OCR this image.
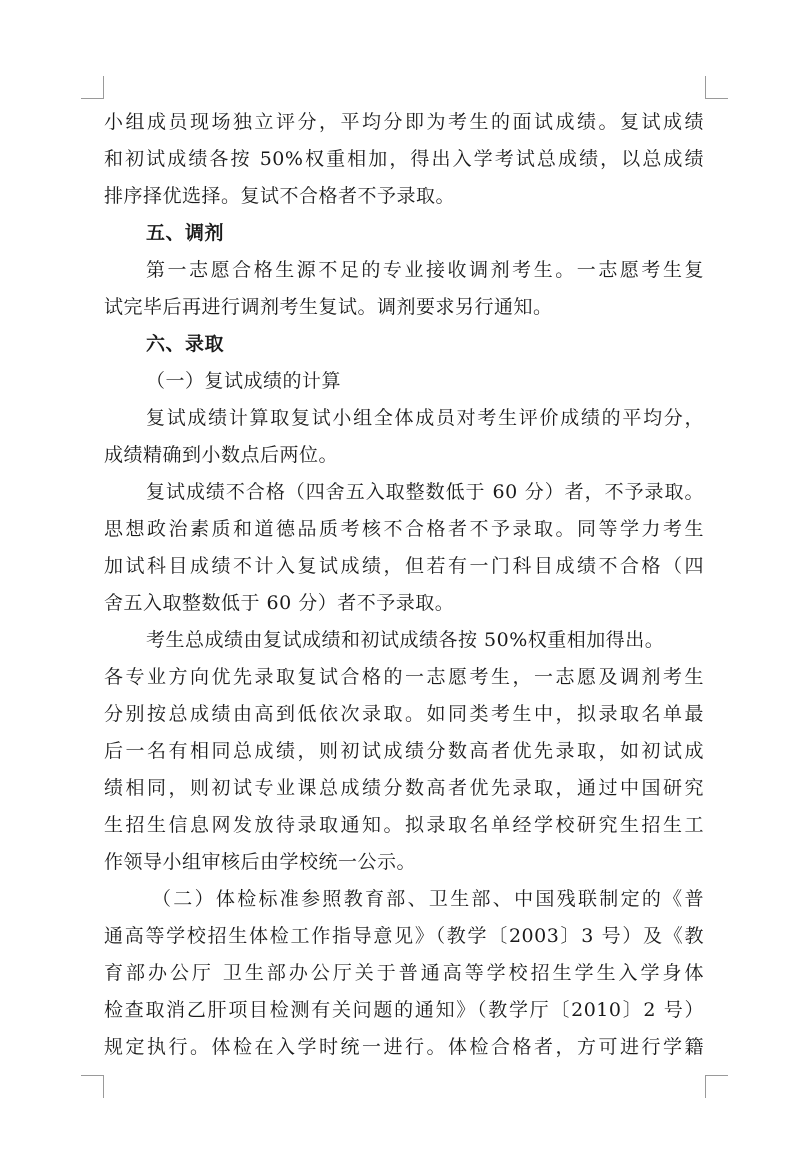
小组成员现场独立评分，平均分即为考生的面试成绩。复试成绩
和初试成绩各按 50%权重相加，得出入学考试总成绩，以总成绩
排序择优选择。复试不合格者不予录取。
五、调剂
第一志愿合格生源不足的专业接收调剂考生。一志愿考生复
试完毕后再进行调剂考生复试。调剂要求另行通知。
六、录取
（一）复试成绩的计算
复试成绩计算取复试小组全体成员对考生评价成绩的平均分，
成绩精确到小数点后两位。
复试成绩不合格（四舍五入取整数低于 60 分）者，不予录取。
思想政治素质和道德品质考核不合格者不予录取。同等学力考生
加试科目成绩不计入复试成绩，但若有一门科目成绩不合格（四
舍五入取整数低于 60 分）者不予录取。
考生总成绩由复试成绩和初试成绩各按 50%权重相加得出。
各专业方向优先录取复试合格的一志愿考生，一志愿及调剂考生
分别按总成绩由高到低依次录取。如同类考生中，拟录取名单最
后一名有相同总成绩，则初试成绩分数高者优先录取，如初试成
绩相同，则初试专业课总成绩分数高者优先录取，通过中国研究
生招生信息网发放待录取通知。拟录取名单经学校研究生招生工
作领导小组审核后由学校统一公示。
（二）体检标准参照教育部、卫生部、中国残联制定的《普
通高等学校招生体检工作指导意见》（教学〔2003〕3 号）及《教
育部办公厅 卫生部办公厅关于普通高等学校招生学生入学身体
检查取消乙肝项目检测有关问题的通知》（教学厅〔2010〕2 号）
规定执行。体检在入学时统一进行。体检合格者，方可进行学籍
